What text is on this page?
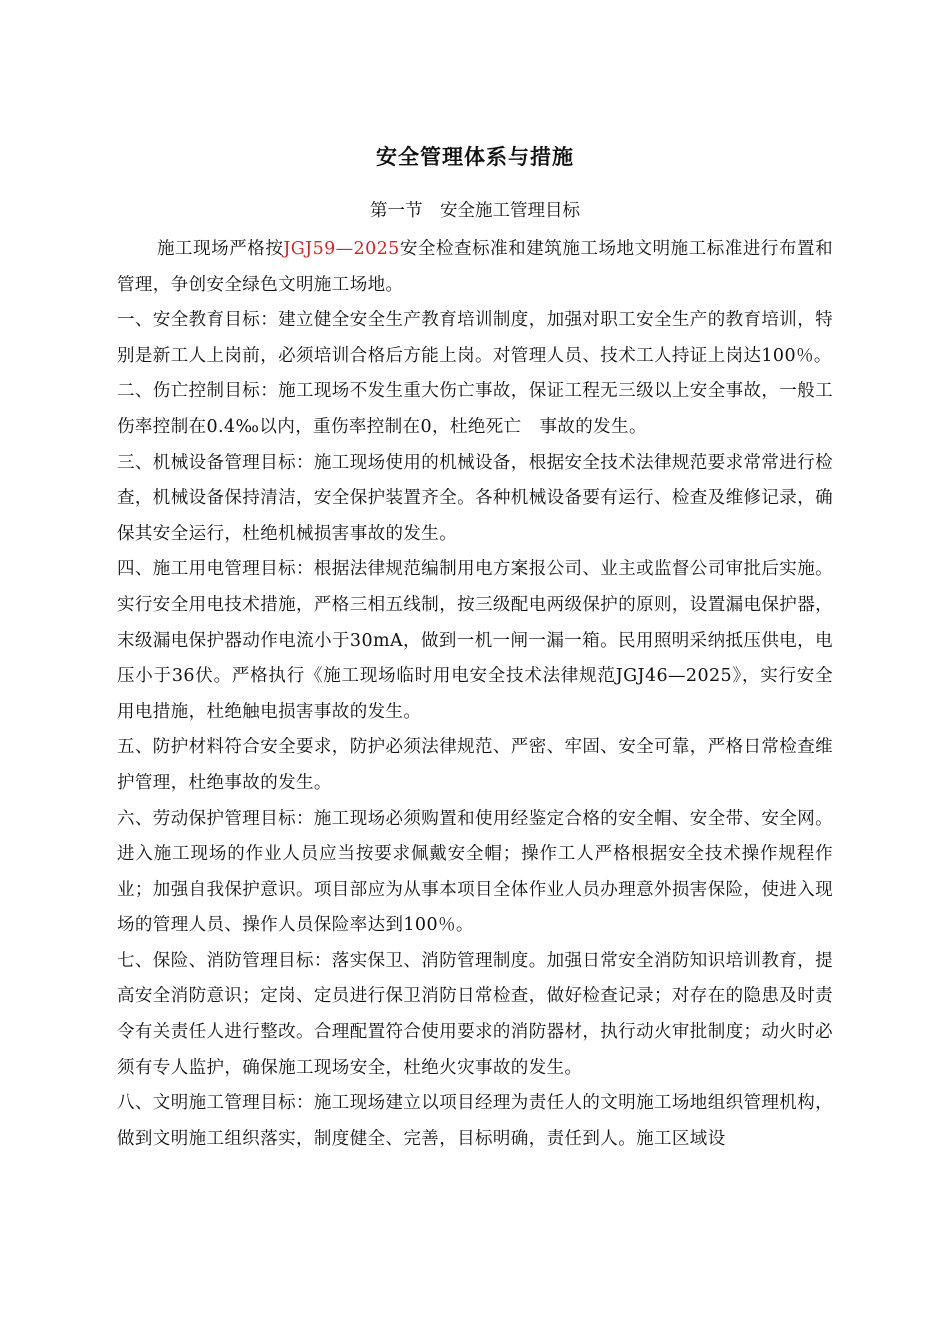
安全管理体系与措施
第一节　安全施工管理目标

施工现场严格按JGJ59—2025安全检查标准和建筑施工场地文明施工标准进行布置和管理，争创安全绿色文明施工场地。

一、安全教育目标：建立健全安全生产教育培训制度，加强对职工安全生产的教育培训，特别是新工人上岗前，必须培训合格后方能上岗。对管理人员、技术工人持证上岗达100％。

二、伤亡控制目标：施工现场不发生重大伤亡事故，保证工程无三级以上安全事故，一般工伤率控制在0.4‰以内，重伤率控制在0，杜绝死亡　事故的发生。

三、机械设备管理目标：施工现场使用的机械设备，根据安全技术法律规范要求常常进行检查，机械设备保持清洁，安全保护装置齐全。各种机械设备要有运行、检查及维修记录，确保其安全运行，杜绝机械损害事故的发生。

四、施工用电管理目标：根据法律规范编制用电方案报公司、业主或监督公司审批后实施。实行安全用电技术措施，严格三相五线制，按三级配电两级保护的原则，设置漏电保护器，末级漏电保护器动作电流小于30mA，做到一机一闸一漏一箱。民用照明采纳抵压供电，电压小于36伏。严格执行《施工现场临时用电安全技术法律规范JGJ46—2025》，实行安全用电措施，杜绝触电损害事故的发生。

五、防护材料符合安全要求，防护必须法律规范、严密、牢固、安全可靠，严格日常检查维护管理，杜绝事故的发生。

六、劳动保护管理目标：施工现场必须购置和使用经鉴定合格的安全帽、安全带、安全网。进入施工现场的作业人员应当按要求佩戴安全帽；操作工人严格根据安全技术操作规程作业；加强自我保护意识。项目部应为从事本项目全体作业人员办理意外损害保险，使进入现场的管理人员、操作人员保险率达到100％。

七、保险、消防管理目标：落实保卫、消防管理制度。加强日常安全消防知识培训教育，提高安全消防意识；定岗、定员进行保卫消防日常检查，做好检查记录；对存在的隐患及时责令有关责任人进行整改。合理配置符合使用要求的消防器材，执行动火审批制度；动火时必须有专人监护，确保施工现场安全，杜绝火灾事故的发生。

八、文明施工管理目标：施工现场建立以项目经理为责任人的文明施工场地组织管理机构，做到文明施工组织落实，制度健全、完善，目标明确，责任到人。施工区域设
